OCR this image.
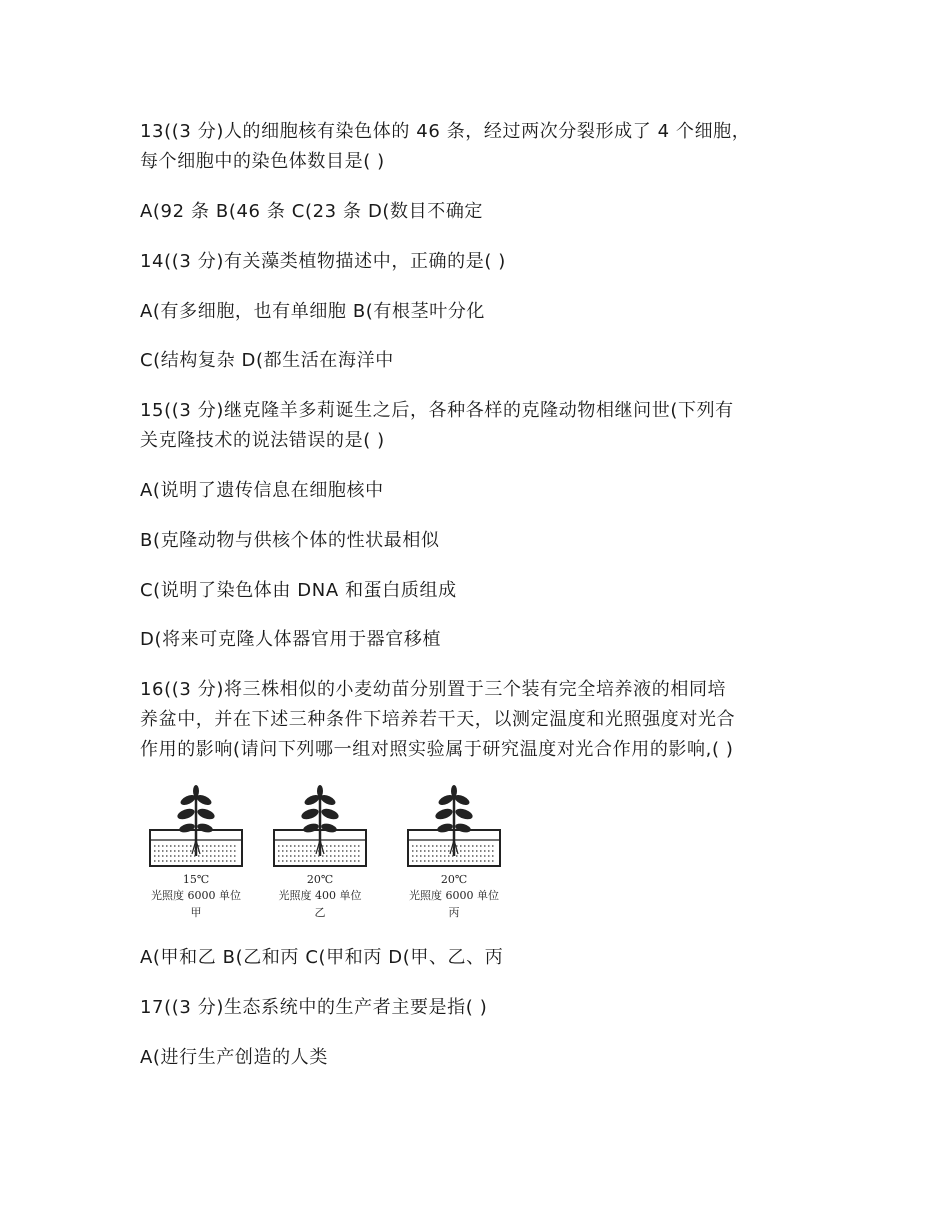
13((3 分)人的细胞核有染色体的 46 条，经过两次分裂形成了 4 个细胞，
每个细胞中的染色体数目是( )
A(92 条 B(46 条 C(23 条 D(数目不确定
14((3 分)有关藻类植物描述中，正确的是( )
A(有多细胞，也有单细胞 B(有根茎叶分化
C(结构复杂 D(都生活在海洋中
15((3 分)继克隆羊多莉诞生之后，各种各样的克隆动物相继问世(下列有
关克隆技术的说法错误的是( )
A(说明了遗传信息在细胞核中
B(克隆动物与供核个体的性状最相似
C(说明了染色体由 DNA 和蛋白质组成
D(将来可克隆人体器官用于器官移植
16((3 分)将三株相似的小麦幼苗分别置于三个装有完全培养液的相同培
养盆中，并在下述三种条件下培养若干天，以测定温度和光照强度对光合
作用的影响(请问下列哪一组对照实验属于研究温度对光合作用的影响,( )
15℃
光照度 6000 单位
甲
20℃
光照度 400 单位
乙
20℃
光照度 6000 单位
丙
A(甲和乙 B(乙和丙 C(甲和丙 D(甲、乙、丙
17((3 分)生态系统中的生产者主要是指( )
A(进行生产创造的人类
